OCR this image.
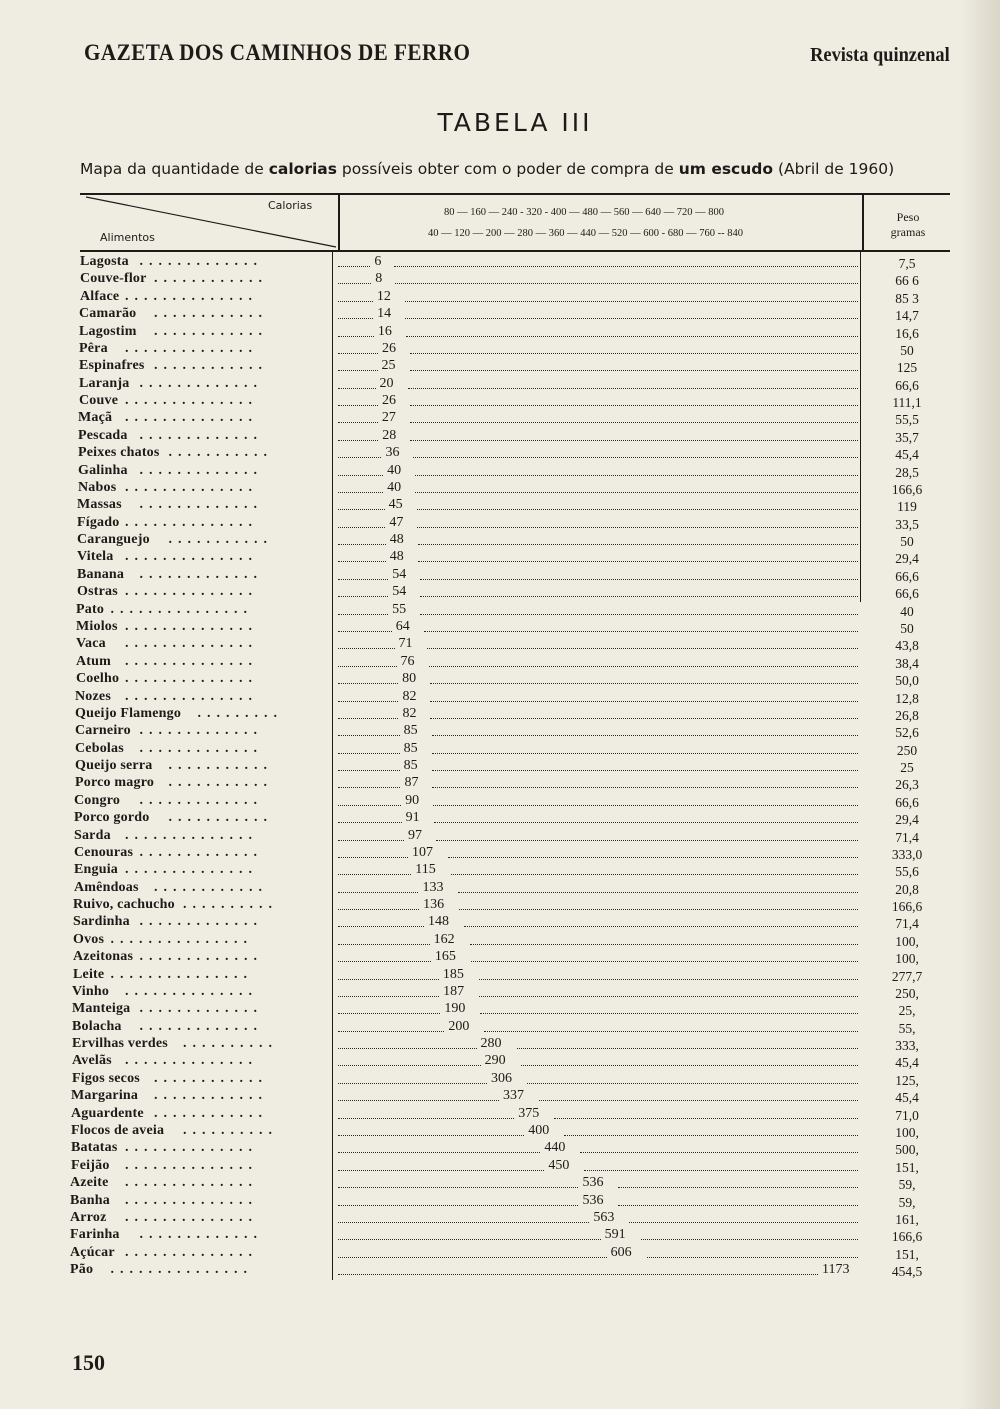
GAZETA DOS CAMINHOS DE FERRO	Revista quinzenal
TABELA III
Mapa da quantidade de calorias possíveis obter com o poder de compra de um escudo (Abril de 1960)
Calorias
Alimentos
80 — 160 — 240 - 320 - 400 — 480 — 560 — 640 — 720 — 800
40 — 120 — 200 — 280 — 360 — 440 — 520 — 600 - 680 — 760 -- 840
Peso
gramas
Lagosta .............	6	7,5
Couve-flor ............	8	66 6
Alface ..............	12	85 3
Camarão ............	14	14,7
Lagostim ............	16	16,6
Pêra ..............	26	50
Espinafres ............	25	125
Laranja .............	20	66,6
Couve ..............	26	111,1
Maçã ..............	27	55,5
Pescada .............	28	35,7
Peixes chatos ...........	36	45,4
Galinha .............	40	28,5
Nabos ..............	40	166,6
Massas .............	45	119
Fígado ..............	47	33,5
Caranguejo ...........	48	50
Vitela ..............	48	29,4
Banana .............	54	66,6
Ostras ..............	54	66,6
Pato ...............	55	40
Miolos ..............	64	50
Vaca ..............	71	43,8
Atum ..............	76	38,4
Coelho ..............	80	50,0
Nozes ..............	82	12,8
Queijo Flamengo .........	82	26,8
Carneiro .............	85	52,6
Cebolas .............	85	250
Queijo serra ...........	85	25
Porco magro ...........	87	26,3
Congro .............	90	66,6
Porco gordo ...........	91	29,4
Sarda ..............	97	71,4
Cenouras .............	107	333,0
Enguia ..............	115	55,6
Amêndoas ............	133	20,8
Ruivo, cachucho ..........	136	166,6
Sardinha .............	148	71,4
Ovos ...............	162	100,
Azeitonas .............	165	100,
Leite ...............	185	277,7
Vinho ..............	187	250,
Manteiga .............	190	25,
Bolacha .............	200	55,
Ervilhas verdes ..........	280	333,
Avelãs ..............	290	45,4
Figos secos ............	306	125,
Margarina ............	337	45,4
Aguardente ............	375	71,0
Flocos de aveia ..........	400	100,
Batatas ..............	440	500,
Feijão ..............	450	151,
Azeite ..............	536	59,
Banha ..............	536	59,
Arroz ..............	563	161,
Farinha .............	591	166,6
Açúcar ..............	606	151,
Pão ...............	1173	454,5
150
